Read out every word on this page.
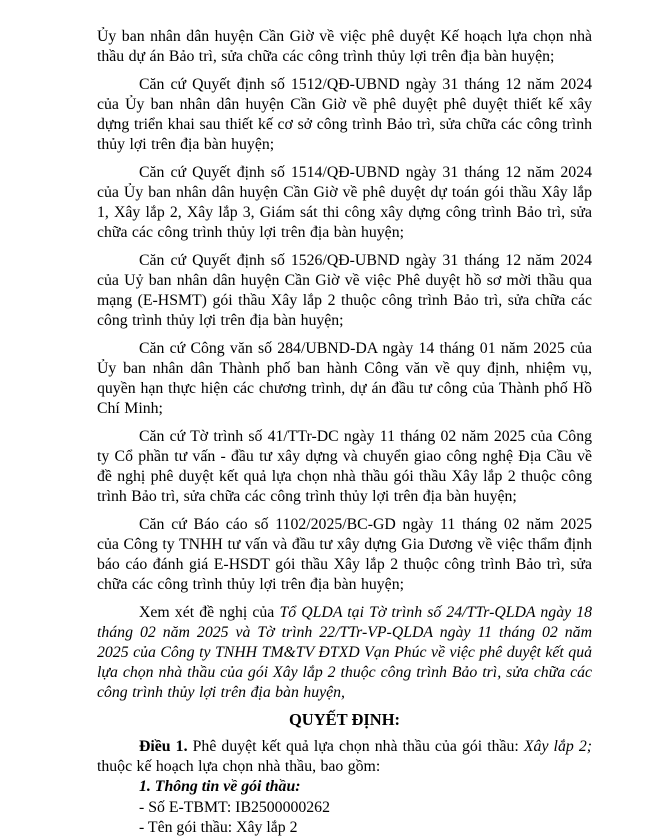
Ủy ban nhân dân huyện Cần Giờ về việc phê duyệt Kế hoạch lựa chọn nhà thầu dự án Bảo trì, sửa chữa các công trình thủy lợi trên địa bàn huyện;

Căn cứ Quyết định số 1512/QĐ-UBND ngày 31 tháng 12 năm 2024 của Ủy ban nhân dân huyện Cần Giờ về phê duyệt phê duyệt thiết kế xây dựng triển khai sau thiết kế cơ sở công trình Bảo trì, sửa chữa các công trình thủy lợi trên địa bàn huyện;

Căn cứ Quyết định số 1514/QĐ-UBND ngày 31 tháng 12 năm 2024 của Ủy ban nhân dân huyện Cần Giờ về phê duyệt dự toán gói thầu Xây lắp 1, Xây lắp 2, Xây lắp 3, Giám sát thi công xây dựng công trình Bảo trì, sửa chữa các công trình thủy lợi trên địa bàn huyện;

Căn cứ Quyết định số 1526/QĐ-UBND ngày 31 tháng 12 năm 2024 của Uỷ ban nhân dân huyện Cần Giờ về việc Phê duyệt hồ sơ mời thầu qua mạng (E-HSMT) gói thầu Xây lắp 2 thuộc công trình Bảo trì, sửa chữa các công trình thủy lợi trên địa bàn huyện;

Căn cứ Công văn số 284/UBND-DA ngày 14 tháng 01 năm 2025 của Ủy ban nhân dân Thành phố ban hành Công văn về quy định, nhiệm vụ, quyền hạn thực hiện các chương trình, dự án đầu tư công của Thành phố Hồ Chí Minh;

Căn cứ Tờ trình số 41/TTr-DC ngày 11 tháng 02 năm 2025 của Công ty Cổ phần tư vấn - đầu tư xây dựng và chuyển giao công nghệ Địa Cầu về đề nghị phê duyệt kết quả lựa chọn nhà thầu gói thầu Xây lắp 2 thuộc công trình Bảo trì, sửa chữa các công trình thủy lợi trên địa bàn huyện;

Căn cứ Báo cáo số 1102/2025/BC-GD ngày 11 tháng 02 năm 2025 của Công ty TNHH tư vấn và đầu tư xây dựng Gia Dương về việc thẩm định báo cáo đánh giá E-HSDT gói thầu Xây lắp 2 thuộc công trình Bảo trì, sửa chữa các công trình thủy lợi trên địa bàn huyện;

Xem xét đề nghị của Tổ QLDA tại Tờ trình số 24/TTr-QLDA ngày 18 tháng 02 năm 2025 và Tờ trình 22/TTr-VP-QLDA ngày 11 tháng 02 năm 2025 của Công ty TNHH TM&TV ĐTXD Vạn Phúc về việc phê duyệt kết quả lựa chọn nhà thầu của gói Xây lắp 2 thuộc công trình Bảo trì, sửa chữa các công trình thủy lợi trên địa bàn huyện,

QUYẾT ĐỊNH:

Điều 1. Phê duyệt kết quả lựa chọn nhà thầu của gói thầu: Xây lắp 2; thuộc kế hoạch lựa chọn nhà thầu, bao gồm:

1. Thông tin về gói thầu:

- Số E-TBMT: IB2500000262

- Tên gói thầu: Xây lắp 2
